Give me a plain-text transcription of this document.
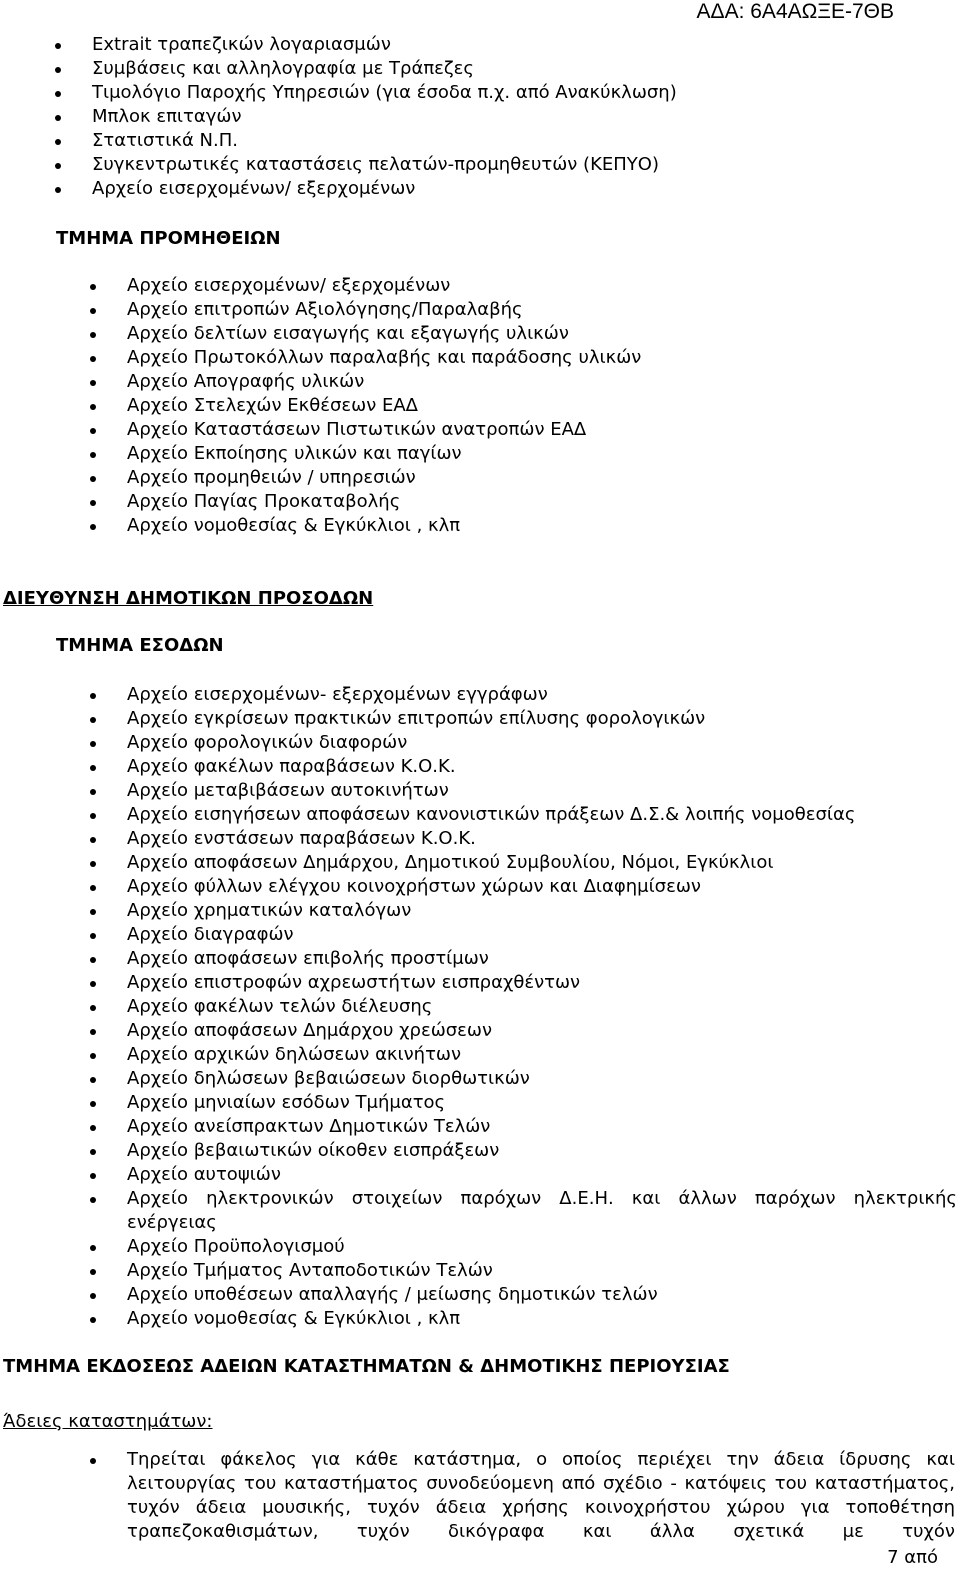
ΑΔΑ: 6Α4ΑΩΞΕ-7ΘΒ
Extrait τραπεζικών λογαριασμών
Συμβάσεις και αλληλογραφία με Τράπεζες
Τιμολόγιο Παροχής Υπηρεσιών (για έσοδα π.χ. από Ανακύκλωση)
Μπλοκ επιταγών
Στατιστικά Ν.Π.
Συγκεντρωτικές καταστάσεις πελατών-προμηθευτών (ΚΕΠΥΟ)
Αρχείο εισερχομένων/ εξερχομένων
ΤΜΗΜΑ ΠΡΟΜΗΘΕΙΩΝ
Αρχείο εισερχομένων/ εξερχομένων
Αρχείο επιτροπών Αξιολόγησης/Παραλαβής
Αρχείο δελτίων εισαγωγής και εξαγωγής υλικών
Αρχείο Πρωτοκόλλων παραλαβής και παράδοσης υλικών
Αρχείο Απογραφής υλικών
Αρχείο Στελεχών Εκθέσεων ΕΑΔ
Αρχείο Καταστάσεων Πιστωτικών ανατροπών ΕΑΔ
Αρχείο Εκποίησης υλικών και παγίων
Αρχείο προμηθειών / υπηρεσιών
Αρχείο Παγίας Προκαταβολής
Αρχείο νομοθεσίας & Εγκύκλιοι , κλπ
ΔΙΕΥΘΥΝΣΗ ΔΗΜΟΤΙΚΩΝ ΠΡΟΣΟΔΩΝ
ΤΜΗΜΑ ΕΣΟΔΩΝ
Αρχείο εισερχομένων- εξερχομένων εγγράφων
Αρχείο εγκρίσεων πρακτικών επιτροπών επίλυσης φορολογικών
Αρχείο φορολογικών διαφορών
Αρχείο φακέλων παραβάσεων Κ.Ο.Κ.
Αρχείο μεταβιβάσεων αυτοκινήτων
Αρχείο εισηγήσεων αποφάσεων κανονιστικών πράξεων Δ.Σ.& λοιπής νομοθεσίας
Αρχείο ενστάσεων παραβάσεων Κ.Ο.Κ.
Αρχείο αποφάσεων Δημάρχου, Δημοτικού Συμβουλίου, Νόμοι, Εγκύκλιοι
Αρχείο φύλλων ελέγχου κοινοχρήστων χώρων και Διαφημίσεων
Αρχείο χρηματικών καταλόγων
Αρχείο διαγραφών
Αρχείο αποφάσεων επιβολής προστίμων
Αρχείο επιστροφών αχρεωστήτων εισπραχθέντων
Αρχείο φακέλων τελών διέλευσης
Αρχείο αποφάσεων Δημάρχου χρεώσεων
Αρχείο αρχικών δηλώσεων ακινήτων
Αρχείο δηλώσεων βεβαιώσεων διορθωτικών
Αρχείο μηνιαίων εσόδων Τμήματος
Αρχείο ανείσπρακτων Δημοτικών Τελών
Αρχείο βεβαιωτικών οίκοθεν εισπράξεων
Αρχείο αυτοψιών
Αρχείο ηλεκτρονικών στοιχείων παρόχων Δ.Ε.Η. και άλλων παρόχων ηλεκτρικής
ενέργειας
Αρχείο Προϋπολογισμού
Αρχείο Τμήματος Ανταποδοτικών Τελών
Αρχείο υποθέσεων απαλλαγής / μείωσης δημοτικών τελών
Αρχείο νομοθεσίας & Εγκύκλιοι , κλπ
ΤΜΗΜΑ ΕΚΔΟΣΕΩΣ ΑΔΕΙΩΝ ΚΑΤΑΣΤΗΜΑΤΩΝ & ΔΗΜΟΤΙΚΗΣ ΠΕΡΙΟΥΣΙΑΣ
Άδειες καταστημάτων:
Τηρείται φάκελος για κάθε κατάστημα, ο οποίος περιέχει την άδεια ίδρυσης και λειτουργίας του καταστήματος συνοδεύομενη από σχέδιο - κατόψεις του καταστήματος, τυχόν άδεια μουσικής, τυχόν άδεια χρήσης κοινοχρήστου χώρου για τοποθέτηση τραπεζοκαθισμάτων, τυχόν δικόγραφα και άλλα σχετικά με τυχόν
7 από
